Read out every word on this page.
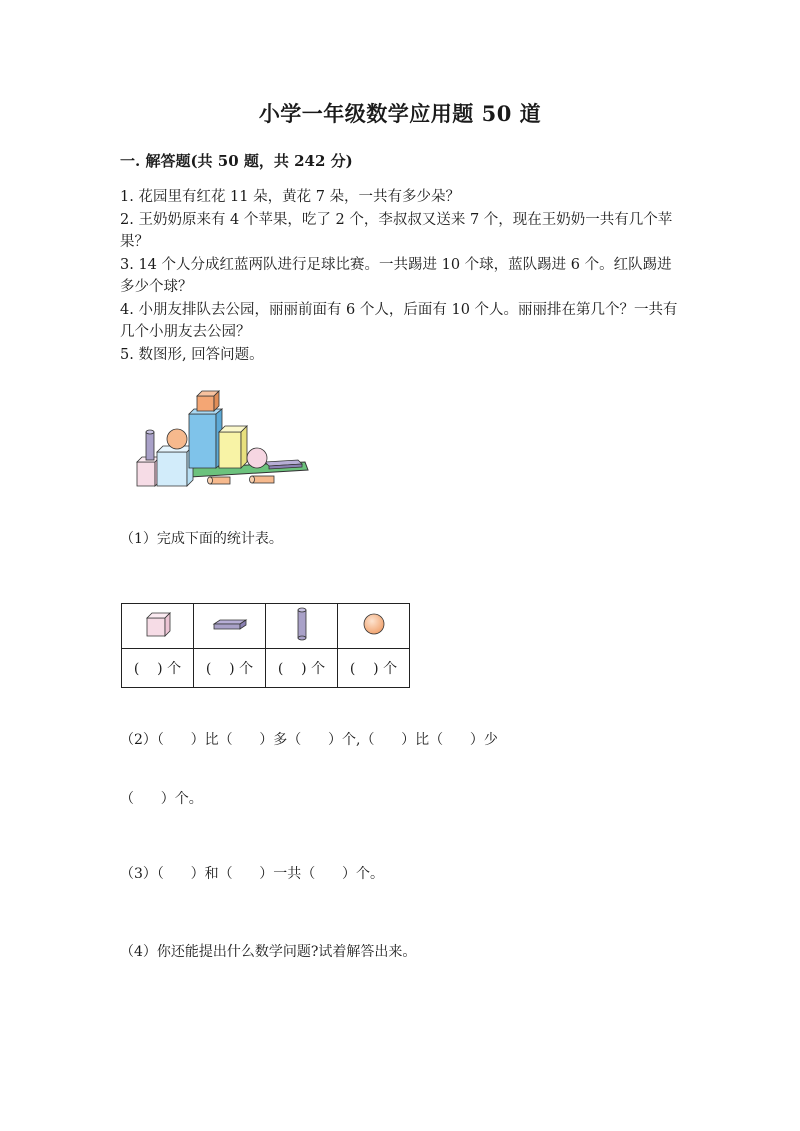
小学一年级数学应用题 50 道
一. 解答题(共 50 题，共 242 分)

1. 花园里有红花 11 朵，黄花 7 朵，一共有多少朵？

2. 王奶奶原来有 4 个苹果，吃了 2 个，李叔叔又送来 7 个，现在王奶奶一共有几个苹果？

3. 14 个人分成红蓝两队进行足球比赛。一共踢进 10 个球，蓝队踢进 6 个。红队踢进多少个球？

4. 小朋友排队去公园，丽丽前面有 6 个人，后面有 10 个人。丽丽排在第几个？一共有几个小朋友去公园？

5. 数图形, 回答问题。

（1）完成下面的统计表。

(    ) 个	(    ) 个	(    ) 个	(    ) 个
（2）（      ）比（      ）多（      ）个,（      ）比（      ）少
（      ）个。
（3）（      ）和（      ）一共（      ）个。
（4）你还能提出什么数学问题?试着解答出来。
